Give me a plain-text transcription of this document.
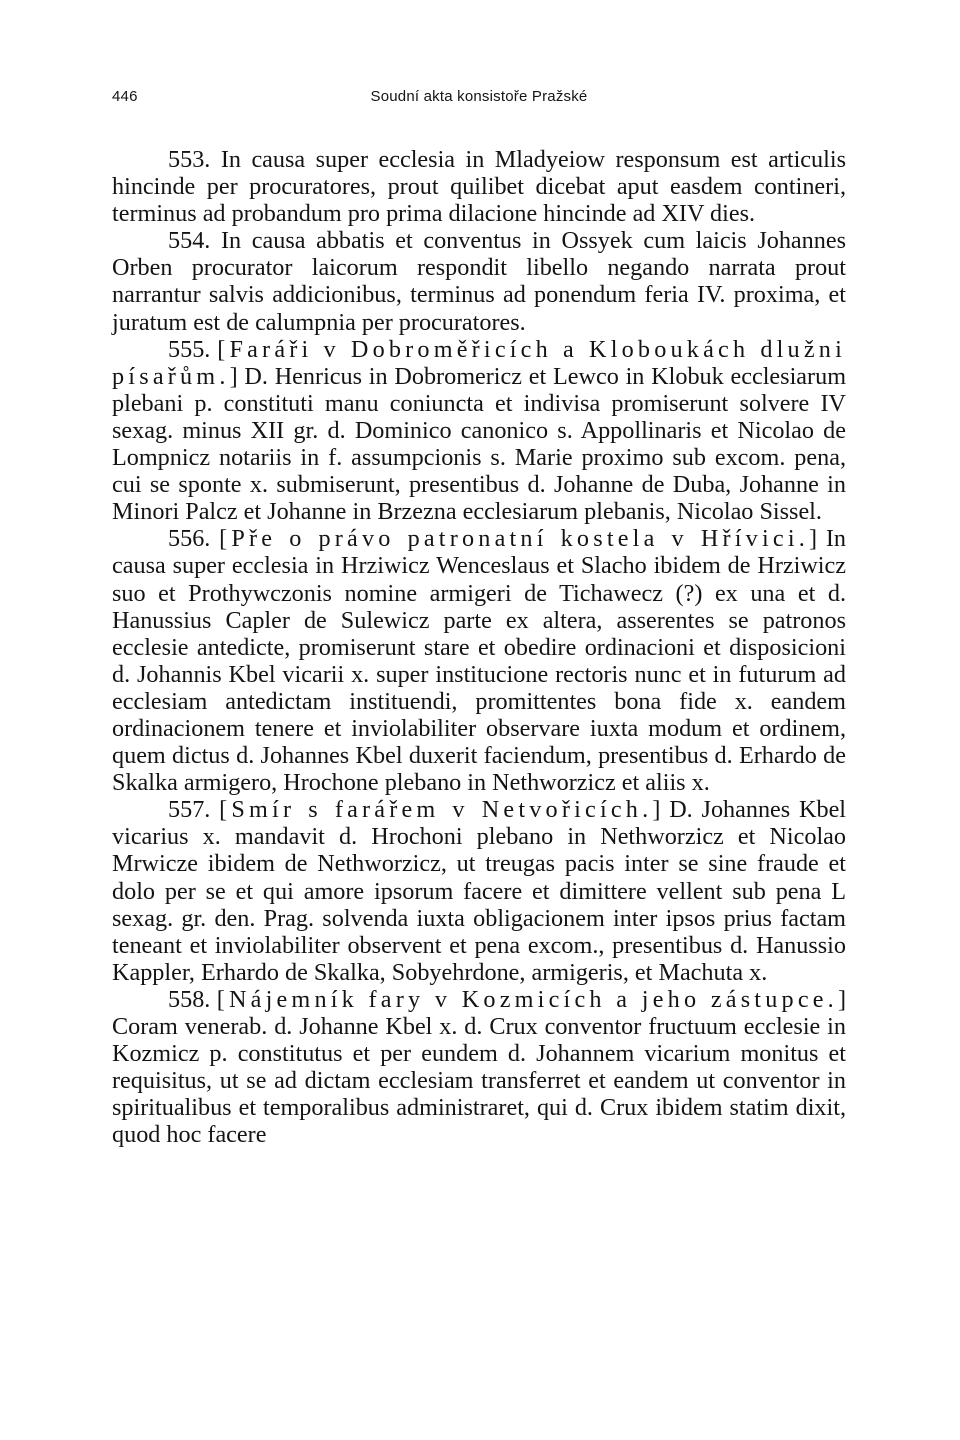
446	Soudní akta konsistoře Pražské

553. In causa super ecclesia in Mladyeiow responsum est articulis hincinde per procuratores, prout quilibet dicebat aput easdem contineri, terminus ad probandum pro prima dilacione hincinde ad XIV dies.

554. In causa abbatis et conventus in Ossyek cum laicis Johannes Orben procurator laicorum respondit libello negando narrata prout narrantur salvis addicionibus, terminus ad ponendum feria IV. proxima, et juratum est de calumpnia per procuratores.

555. [Faráři v Dobroměřicích a Kloboukách dlužni písařům.] D. Henricus in Dobromericz et Lewco in Klobuk ecclesiarum plebani p. constituti manu coniuncta et indivisa promiserunt solvere IV sexag. minus XII gr. d. Dominico canonico s. Appollinaris et Nicolao de Lompnicz notariis in f. assumpcionis s. Marie proximo sub excom. pena, cui se sponte x. submiserunt, presentibus d. Johanne de Duba, Johanne in Minori Palcz et Johanne in Brzezna ecclesiarum plebanis, Nicolao Sissel.

556. [Pře o právo patronatní kostela v Hřívici.] In causa super ecclesia in Hrziwicz Wenceslaus et Slacho ibidem de Hrziwicz suo et Prothywczonis nomine armigeri de Tichawecz (?) ex una et d. Hanussius Capler de Sulewicz parte ex altera, asserentes se patronos ecclesie antedicte, promiserunt stare et obedire ordinacioni et disposicioni d. Johannis Kbel vicarii x. super institucione rectoris nunc et in futurum ad ecclesiam antedictam instituendi, promittentes bona fide x. eandem ordinacionem tenere et inviolabiliter observare iuxta modum et ordinem, quem dictus d. Johannes Kbel duxerit faciendum, presentibus d. Erhardo de Skalka armigero, Hrochone plebano in Nethworzicz et aliis x.

557. [Smír s farářem v Netvořicích.] D. Johannes Kbel vicarius x. mandavit d. Hrochoni plebano in Nethworzicz et Nicolao Mrwicze ibidem de Nethworzicz, ut treugas pacis inter se sine fraude et dolo per se et qui amore ipsorum facere et dimittere vellent sub pena L sexag. gr. den. Prag. solvenda iuxta obligacionem inter ipsos prius factam teneant et inviolabiliter observent et pena excom., presentibus d. Hanussio Kappler, Erhardo de Skalka, Sobyehrdone, armigeris, et Machuta x.

558. [Nájemník fary v Kozmicích a jeho zástupce.] Coram venerab. d. Johanne Kbel x. d. Crux conventor fructuum ecclesie in Kozmicz p. constitutus et per eundem d. Johannem vicarium monitus et requisitus, ut se ad dictam ecclesiam transferret et eandem ut conventor in spiritualibus et temporalibus administraret, qui d. Crux ibidem statim dixit, quod hoc facere
